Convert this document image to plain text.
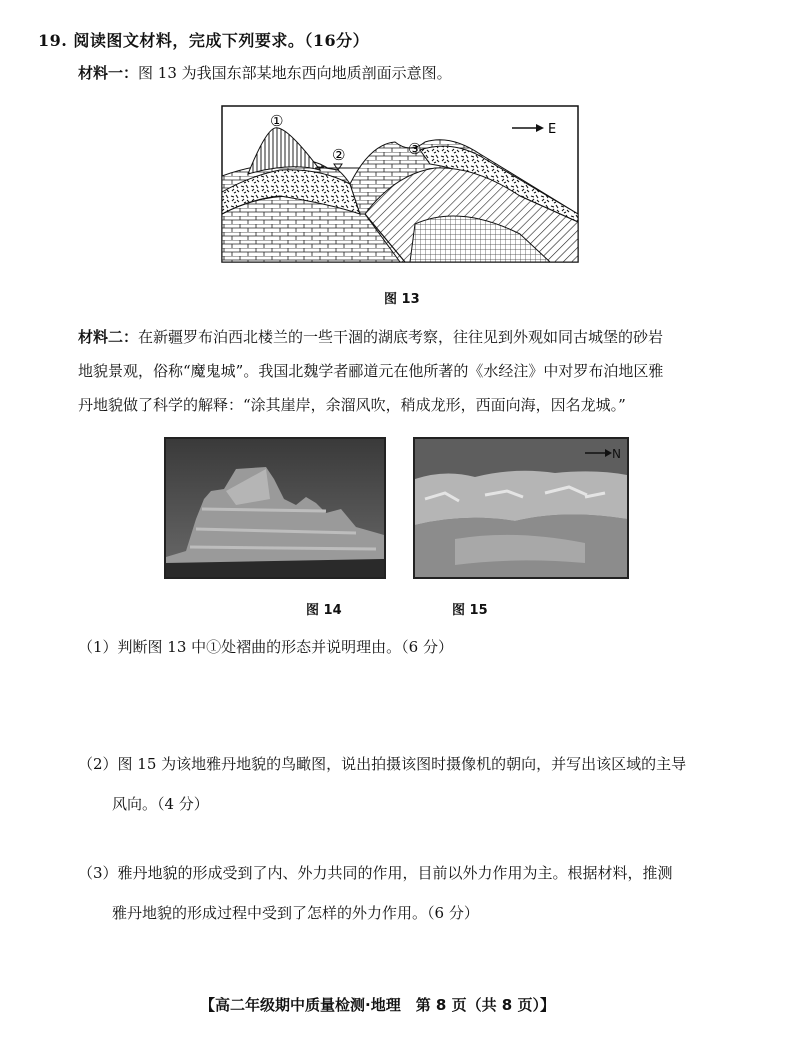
19. 阅读图文材料，完成下列要求。（16分）
材料一：图 13 为我国东部某地东西向地质剖面示意图。
①
②	③
E
图 13
材料二：在新疆罗布泊西北楼兰的一些干涸的湖底考察，往往见到外观如同古城堡的砂岩
地貌景观，俗称“魔鬼城”。我国北魏学者郦道元在他所著的《水经注》中对罗布泊地区雅
丹地貌做了科学的解释：“涂其崖岸，余溜风吹，稍成龙形，西面向海，因名龙城。”
N
图 14	图 15
（1）判断图 13 中①处褶曲的形态并说明理由。（6 分）
（2）图 15 为该地雅丹地貌的鸟瞰图，说出拍摄该图时摄像机的朝向，并写出该区域的主导
风向。（4 分）
（3）雅丹地貌的形成受到了内、外力共同的作用，目前以外力作用为主。根据材料，推测
雅丹地貌的形成过程中受到了怎样的外力作用。（6 分）
【高二年级期中质量检测·地理　第 8 页（共 8 页）】
